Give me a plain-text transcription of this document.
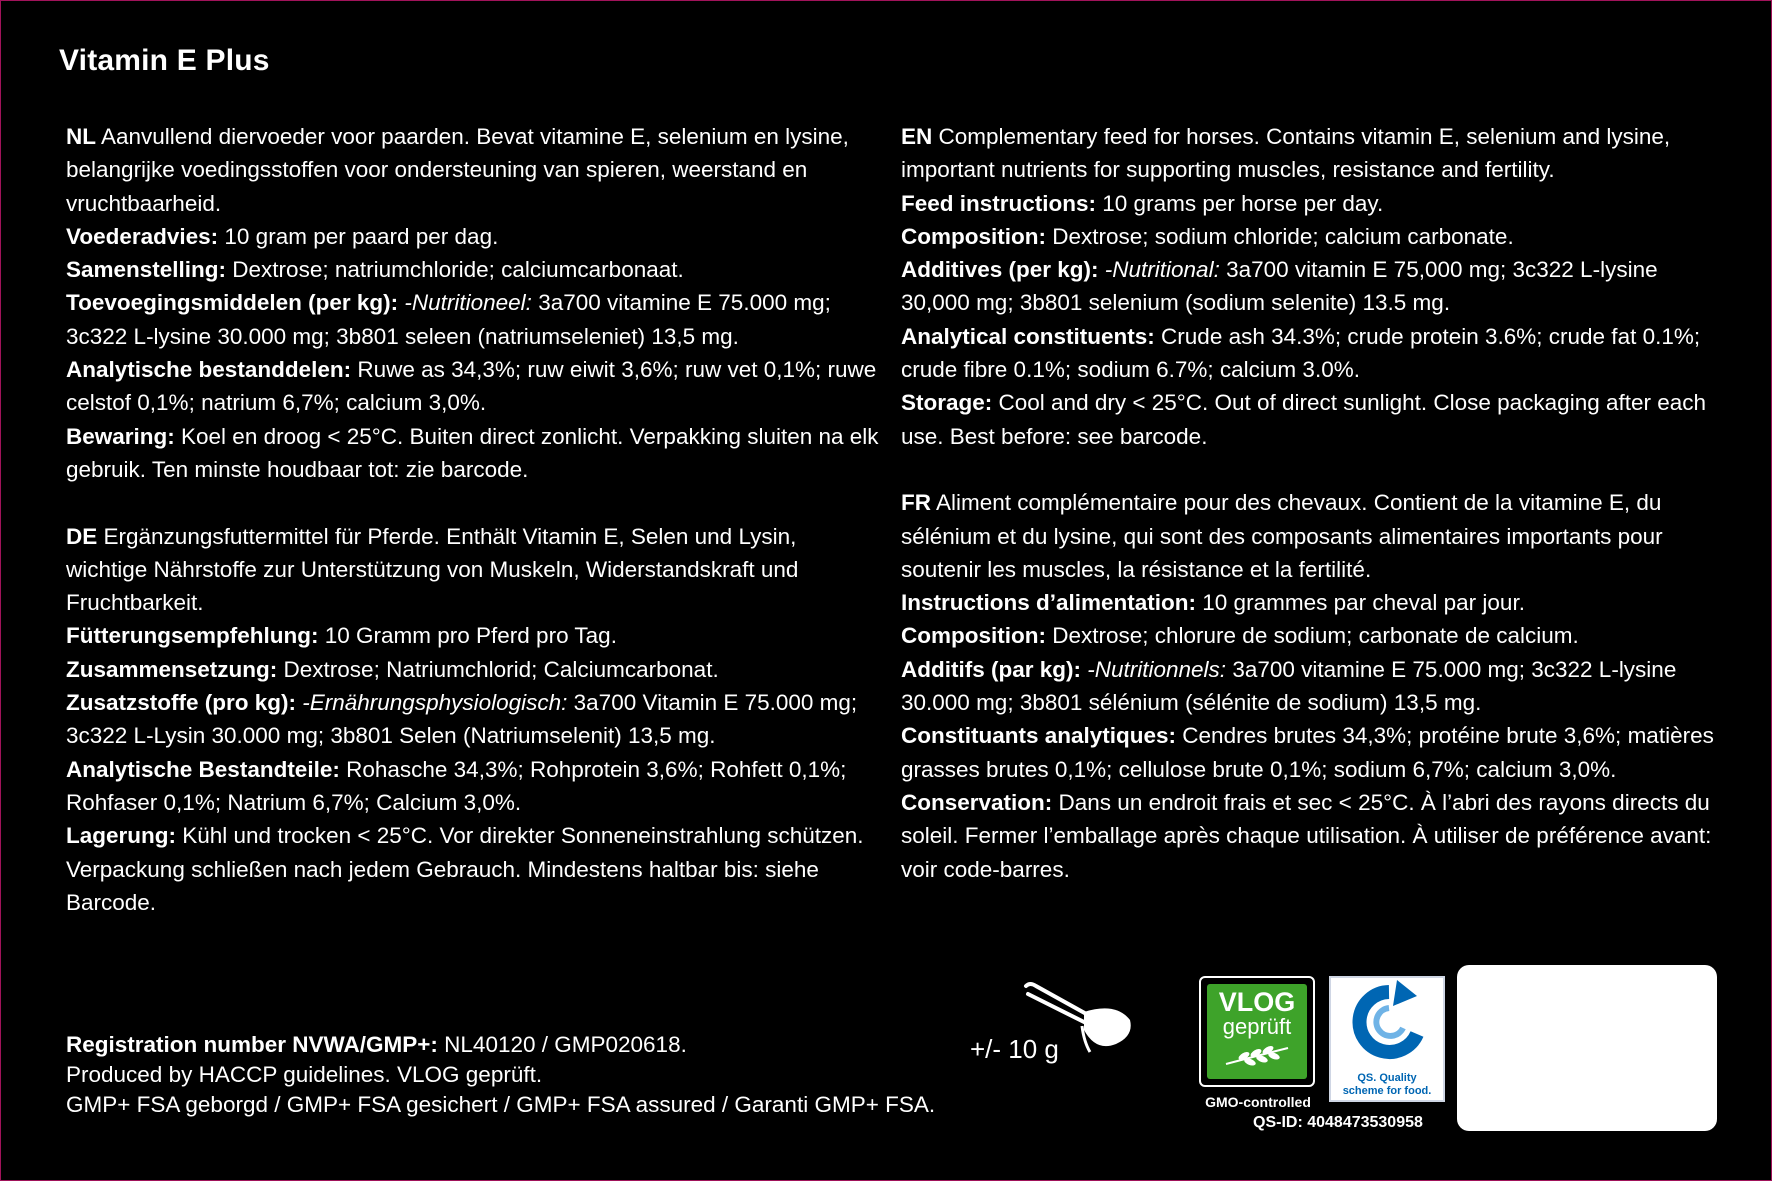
Vitamin E Plus

NL Aanvullend diervoeder voor paarden. Bevat vitamine E, selenium en lysine, belangrijke voedingsstoffen voor ondersteuning van spieren, weerstand en vruchtbaarheid.

Voederadvies: 10 gram per paard per dag.

Samenstelling: Dextrose; natriumchloride; calciumcarbonaat.

Toevoegingsmiddelen (per kg): -Nutritioneel: 3a700 vitamine E 75.000 mg; 3c322 L-lysine 30.000 mg; 3b801 seleen (natriumseleniet) 13,5 mg.

Analytische bestanddelen: Ruwe as 34,3%; ruw eiwit 3,6%; ruw vet 0,1%; ruwe celstof 0,1%; natrium 6,7%; calcium 3,0%.

Bewaring: Koel en droog < 25°C. Buiten direct zonlicht. Verpakking sluiten na elk gebruik. Ten minste houdbaar tot: zie barcode.

DE Ergänzungsfuttermittel für Pferde. Enthält Vitamin E, Selen und Lysin, wichtige Nährstoffe zur Unterstützung von Muskeln, Widerstandskraft und Fruchtbarkeit.

Fütterungsempfehlung: 10 Gramm pro Pferd pro Tag.

Zusammensetzung: Dextrose; Natriumchlorid; Calciumcarbonat.

Zusatzstoffe (pro kg): -Ernährungsphysiologisch: 3a700 Vitamin E 75.000 mg; 3c322 L-Lysin 30.000 mg; 3b801 Selen (Natriumselenit) 13,5 mg.

Analytische Bestandteile: Rohasche 34,3%; Rohprotein 3,6%; Rohfett 0,1%; Rohfaser 0,1%; Natrium 6,7%; Calcium 3,0%.

Lagerung: Kühl und trocken < 25°C. Vor direkter Sonneneinstrahlung schützen. Verpackung schließen nach jedem Gebrauch. Mindestens haltbar bis: siehe Barcode.

EN Complementary feed for horses. Contains vitamin E, selenium and lysine, important nutrients for supporting muscles, resistance and fertility.

Feed instructions: 10 grams per horse per day.

Composition: Dextrose; sodium chloride; calcium carbonate.

Additives (per kg): -Nutritional: 3a700 vitamin E 75,000 mg; 3c322 L-lysine 30,000 mg; 3b801 selenium (sodium selenite) 13.5 mg.

Analytical constituents: Crude ash 34.3%; crude protein 3.6%; crude fat 0.1%; crude fibre 0.1%; sodium 6.7%; calcium 3.0%.

Storage: Cool and dry < 25°C. Out of direct sunlight. Close packaging after each use. Best before: see barcode.

FR Aliment complémentaire pour des chevaux. Contient de la vitamine E, du sélénium et du lysine, qui sont des composants alimentaires importants pour soutenir les muscles, la résistance et la fertilité.

Instructions d’alimentation: 10 grammes par cheval par jour.

Composition: Dextrose; chlorure de sodium; carbonate de calcium.

Additifs (par kg): -Nutritionnels: 3a700 vitamine E 75.000 mg; 3c322 L-lysine 30.000 mg; 3b801 sélénium (sélénite de sodium) 13,5 mg.

Constituants analytiques: Cendres brutes 34,3%; protéine brute 3,6%; matières grasses brutes 0,1%; cellulose brute 0,1%; sodium 6,7%; calcium 3,0%.

Conservation: Dans un endroit frais et sec < 25°C. À l’abri des rayons directs du soleil. Fermer l’emballage après chaque utilisation. À utiliser de préférence avant: voir code-barres.

Registration number NVWA/GMP+: NL40120 / GMP020618.

Produced by HACCP guidelines. VLOG geprüft.

GMP+ FSA geborgd / GMP+ FSA gesichert / GMP+ FSA assured / Garanti GMP+ FSA.

+/- 10 g
VLOG
geprüft
GMO-controlled
QS. Quality
scheme for food.
QS-ID: 4048473530958
